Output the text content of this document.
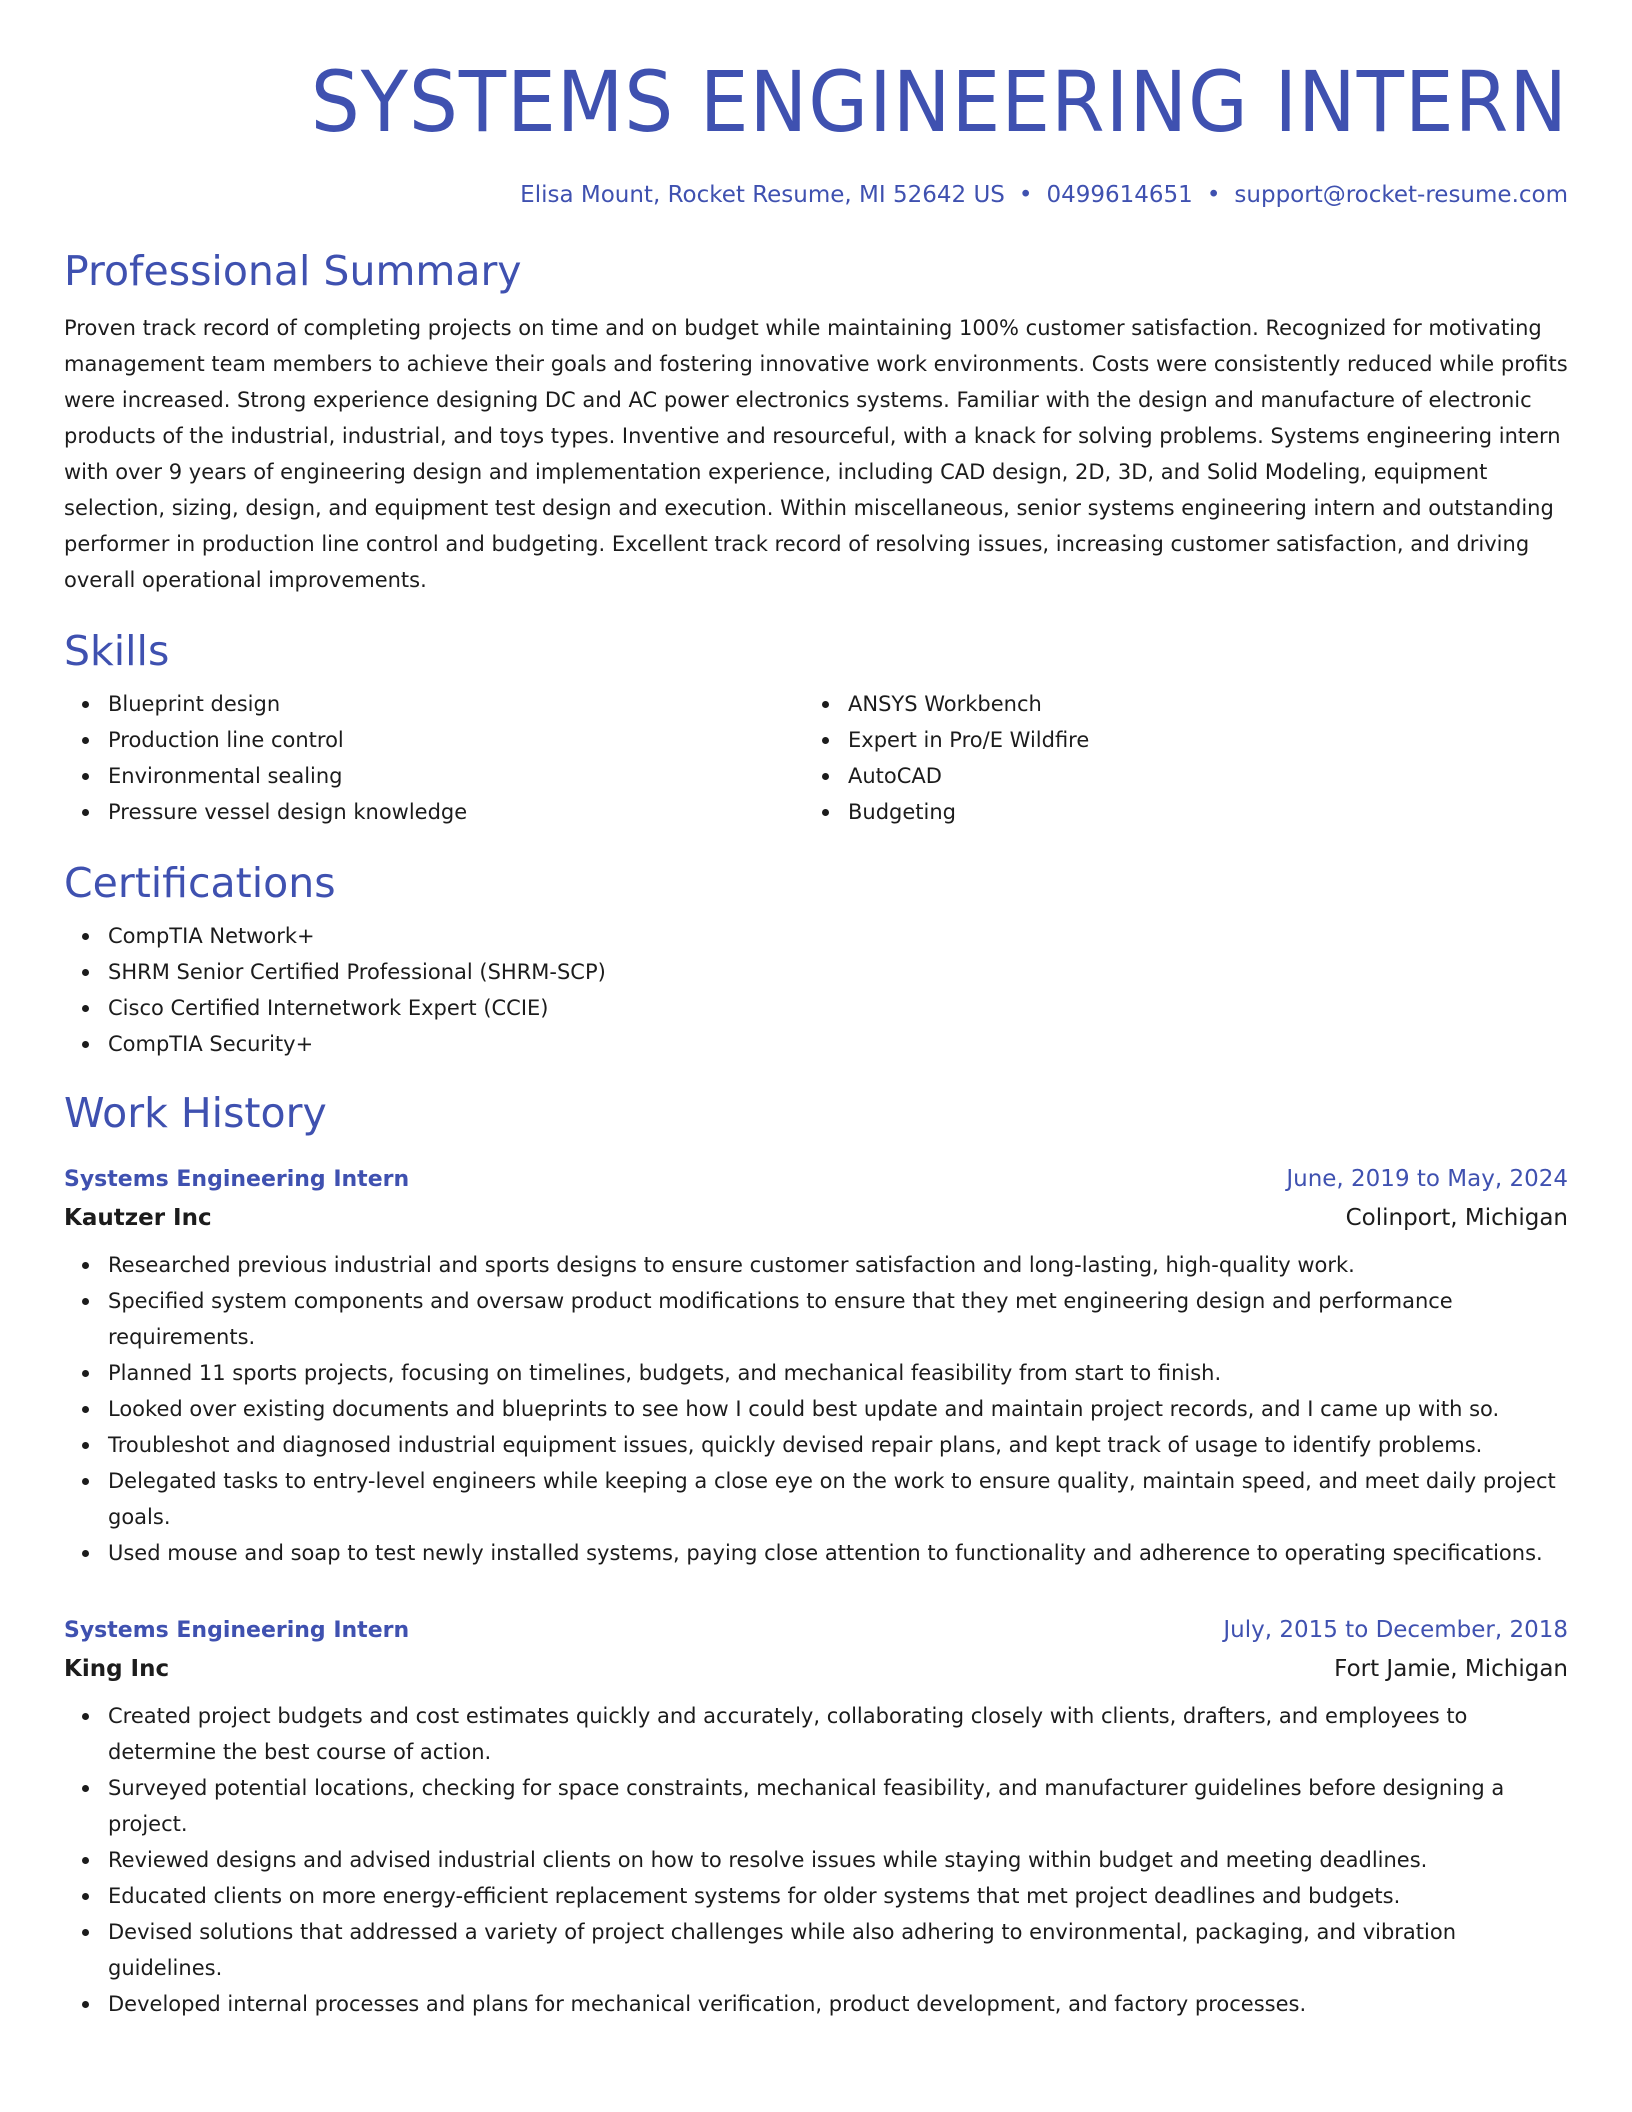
SYSTEMS ENGINEERING INTERN
Elisa Mount, Rocket Resume, MI 52642 US • 0499614651 • support@rocket-resume.com
Professional Summary

Proven track record of completing projects on time and on budget while maintaining 100% customer satisfaction. Recognized for motivating management team members to achieve their goals and fostering innovative work environments. Costs were consistently reduced while profits were increased. Strong experience designing DC and AC power electronics systems. Familiar with the design and manufacture of electronic products of the industrial, industrial, and toys types. Inventive and resourceful, with a knack for solving problems. Systems engineering intern with over 9 years of engineering design and implementation experience, including CAD design, 2D, 3D, and Solid Modeling, equipment selection, sizing, design, and equipment test design and execution. Within miscellaneous, senior systems engineering intern and outstanding performer in production line control and budgeting. Excellent track record of resolving issues, increasing customer satisfaction, and driving overall operational improvements.

Skills
Blueprint design
Production line control
Environmental sealing
Pressure vessel design knowledge
ANSYS Workbench
Expert in Pro/E Wildfire
AutoCAD
Budgeting
Certifications
CompTIA Network+
SHRM Senior Certified Professional (SHRM-SCP)
Cisco Certified Internetwork Expert (CCIE)
CompTIA Security+
Work History
Systems Engineering Intern	June, 2019 to May, 2024
Kautzer Inc	Colinport, Michigan
Researched previous industrial and sports designs to ensure customer satisfaction and long-lasting, high-quality work.
Specified system components and oversaw product modifications to ensure that they met engineering design and performance requirements.
Planned 11 sports projects, focusing on timelines, budgets, and mechanical feasibility from start to finish.
Looked over existing documents and blueprints to see how I could best update and maintain project records, and I came up with so.
Troubleshot and diagnosed industrial equipment issues, quickly devised repair plans, and kept track of usage to identify problems.
Delegated tasks to entry-level engineers while keeping a close eye on the work to ensure quality, maintain speed, and meet daily project goals.
Used mouse and soap to test newly installed systems, paying close attention to functionality and adherence to operating specifications.
Systems Engineering Intern	July, 2015 to December, 2018
King Inc	Fort Jamie, Michigan
Created project budgets and cost estimates quickly and accurately, collaborating closely with clients, drafters, and employees to determine the best course of action.
Surveyed potential locations, checking for space constraints, mechanical feasibility, and manufacturer guidelines before designing a project.
Reviewed designs and advised industrial clients on how to resolve issues while staying within budget and meeting deadlines.
Educated clients on more energy-efficient replacement systems for older systems that met project deadlines and budgets.
Devised solutions that addressed a variety of project challenges while also adhering to environmental, packaging, and vibration guidelines.
Developed internal processes and plans for mechanical verification, product development, and factory processes.
